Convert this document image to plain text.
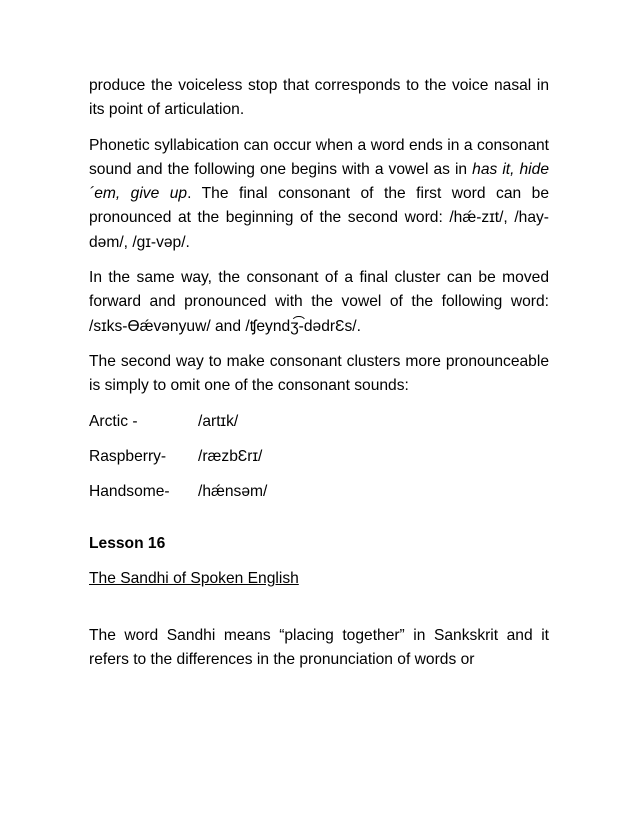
produce the voiceless stop that corresponds to the voice nasal in its point of articulation.

Phonetic syllabication can occur when a word ends in a consonant sound and the following one begins with a vowel as in has it, hide ´em, give up. The final consonant of the first word can be pronounced at the beginning of the second word: /hǽ-zɪt/, /hay-dəm/, /gɪ-vəp/.

In the same way, the consonant of a final cluster can be moved forward and pronounced with the vowel of the following word: /sɪks-Ɵǽvənyuw/ and /ʧeyndʒ͡-dədrƐs/.

The second way to make consonant clusters more pronounceable is simply to omit one of the consonant sounds:

Arctic -	/artɪk/
Raspberry-	/ræzbƐrɪ/
Handsome-	/hǽnsəm/
Lesson 16
The Sandhi of Spoken English

The word Sandhi means “placing together” in Sankskrit and it refers to the differences in the pronunciation of words or
